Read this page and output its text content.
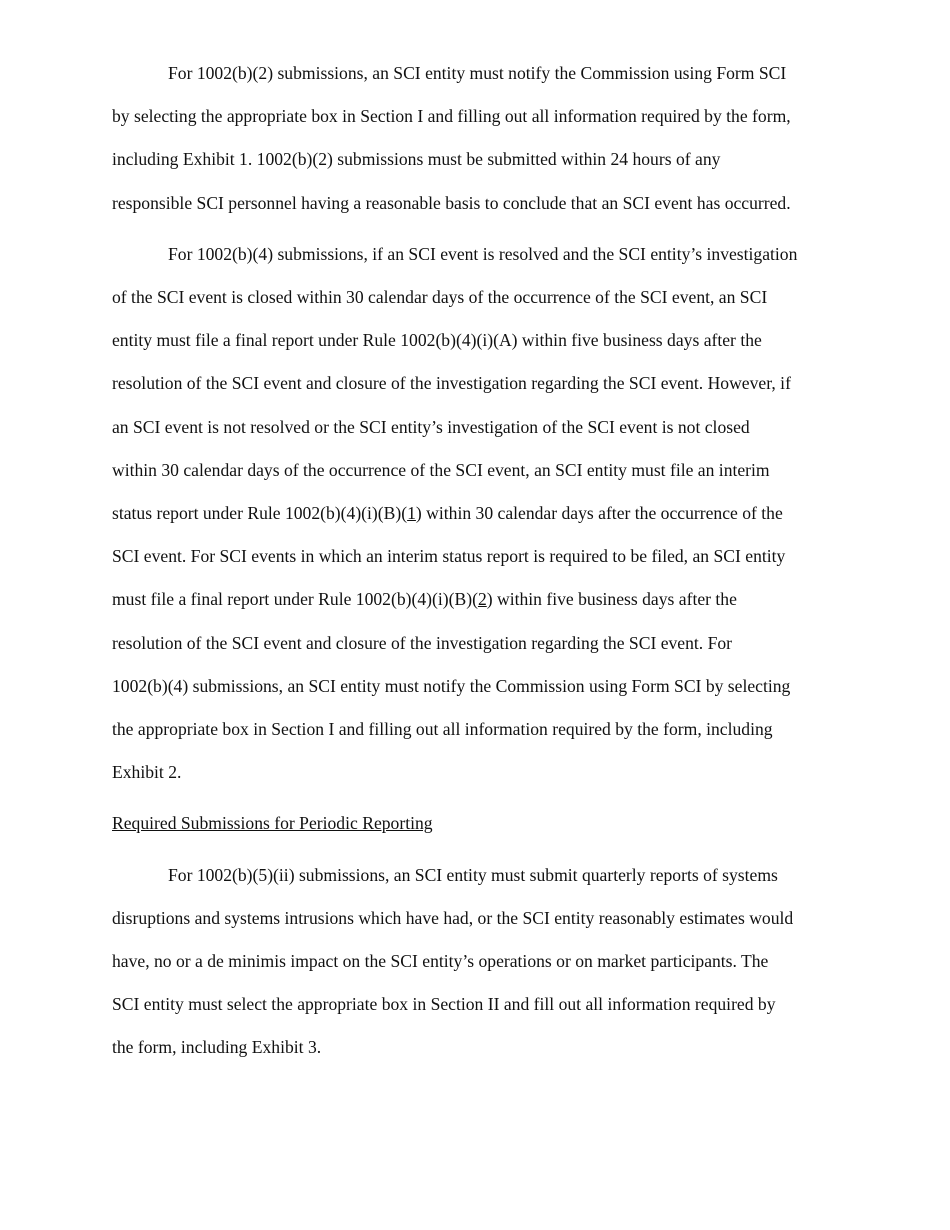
For 1002(b)(2) submissions, an SCI entity must notify the Commission using Form SCI
by selecting the appropriate box in Section I and filling out all information required by the form,
including Exhibit 1. 1002(b)(2) submissions must be submitted within 24 hours of any
responsible SCI personnel having a reasonable basis to conclude that an SCI event has occurred.
For 1002(b)(4) submissions, if an SCI event is resolved and the SCI entity’s investigation
of the SCI event is closed within 30 calendar days of the occurrence of the SCI event, an SCI
entity must file a final report under Rule 1002(b)(4)(i)(A) within five business days after the
resolution of the SCI event and closure of the investigation regarding the SCI event. However, if
an SCI event is not resolved or the SCI entity’s investigation of the SCI event is not closed
within 30 calendar days of the occurrence of the SCI event, an SCI entity must file an interim
status report under Rule 1002(b)(4)(i)(B)(1) within 30 calendar days after the occurrence of the
SCI event. For SCI events in which an interim status report is required to be filed, an SCI entity
must file a final report under Rule 1002(b)(4)(i)(B)(2) within five business days after the
resolution of the SCI event and closure of the investigation regarding the SCI event. For
1002(b)(4) submissions, an SCI entity must notify the Commission using Form SCI by selecting
the appropriate box in Section I and filling out all information required by the form, including
Exhibit 2.
Required Submissions for Periodic Reporting
For 1002(b)(5)(ii) submissions, an SCI entity must submit quarterly reports of systems
disruptions and systems intrusions which have had, or the SCI entity reasonably estimates would
have, no or a de minimis impact on the SCI entity’s operations or on market participants. The
SCI entity must select the appropriate box in Section II and fill out all information required by
the form, including Exhibit 3.
